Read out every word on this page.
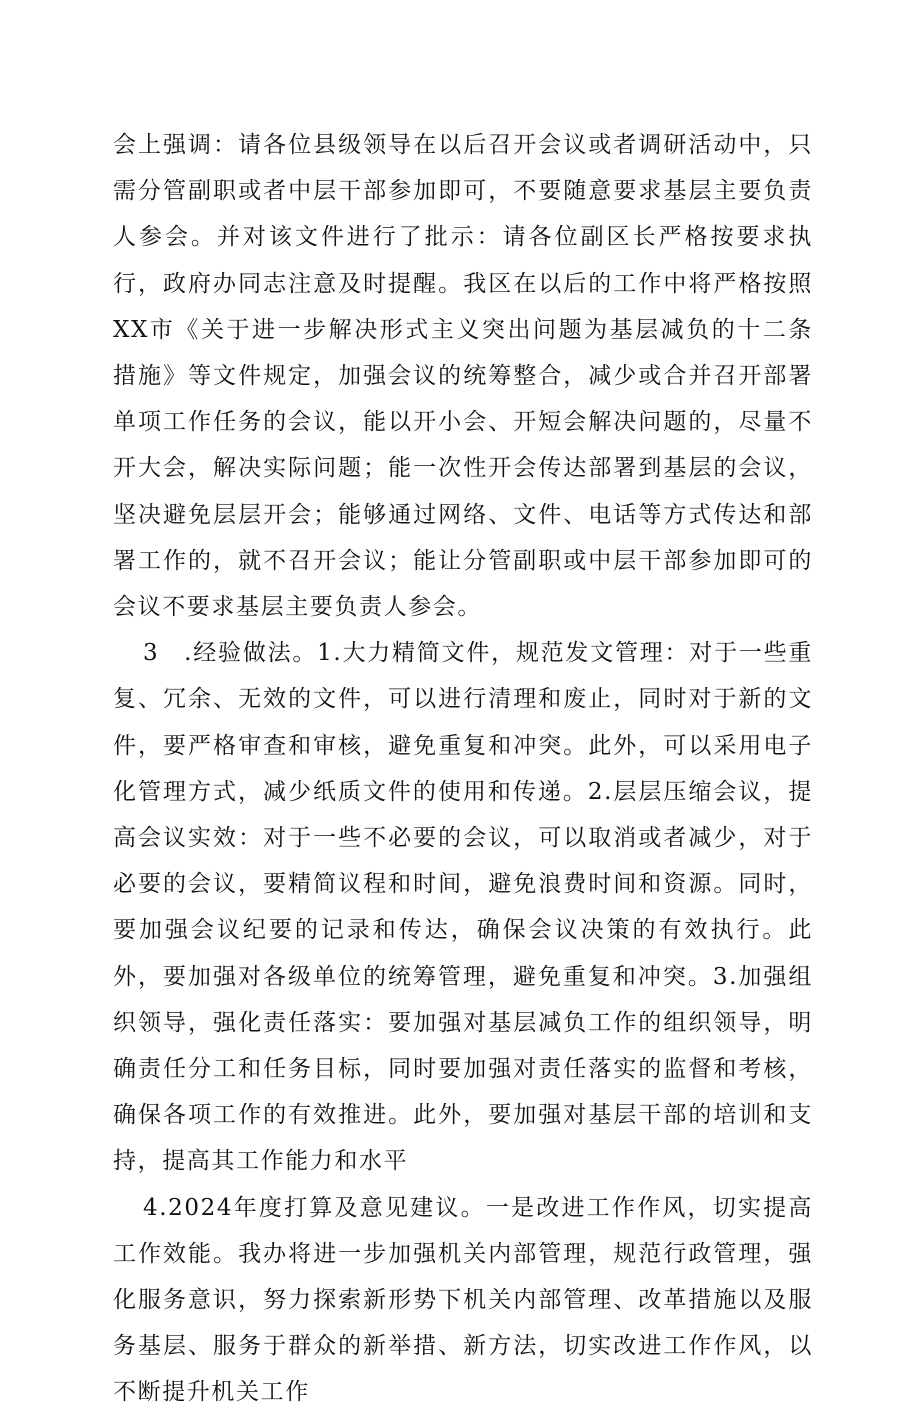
会上强调：请各位县级领导在以后召开会议或者调研活动中，只需分管副职或者中层干部参加即可，不要随意要求基层主要负责人参会。并对该文件进行了批示：请各位副区长严格按要求执行，政府办同志注意及时提醒。我区在以后的工作中将严格按照XX市《关于进一步解决形式主义突出问题为基层减负的十二条措施》等文件规定，加强会议的统筹整合，减少或合并召开部署单项工作任务的会议，能以开小会、开短会解决问题的，尽量不开大会，解决实际问题；能一次性开会传达部署到基层的会议，坚决避免层层开会；能够通过网络、文件、电话等方式传达和部署工作的，就不召开会议；能让分管副职或中层干部参加即可的会议不要求基层主要负责人参会。

3　.经验做法。1.大力精简文件，规范发文管理：对于一些重复、冗余、无效的文件，可以进行清理和废止，同时对于新的文件，要严格审查和审核，避免重复和冲突。此外，可以采用电子化管理方式，减少纸质文件的使用和传递。2.层层压缩会议，提高会议实效：对于一些不必要的会议，可以取消或者减少，对于必要的会议，要精简议程和时间，避免浪费时间和资源。同时，要加强会议纪要的记录和传达，确保会议决策的有效执行。此外，要加强对各级单位的统筹管理，避免重复和冲突。3.加强组织领导，强化责任落实：要加强对基层减负工作的组织领导，明确责任分工和任务目标，同时要加强对责任落实的监督和考核，确保各项工作的有效推进。此外，要加强对基层干部的培训和支持，提高其工作能力和水平

4.2024年度打算及意见建议。一是改进工作作风，切实提高工作效能。我办将进一步加强机关内部管理，规范行政管理，强化服务意识，努力探索新形势下机关内部管理、改革措施以及服务基层、服务于群众的新举措、新方法，切实改进工作作风，以不断提升机关工作
